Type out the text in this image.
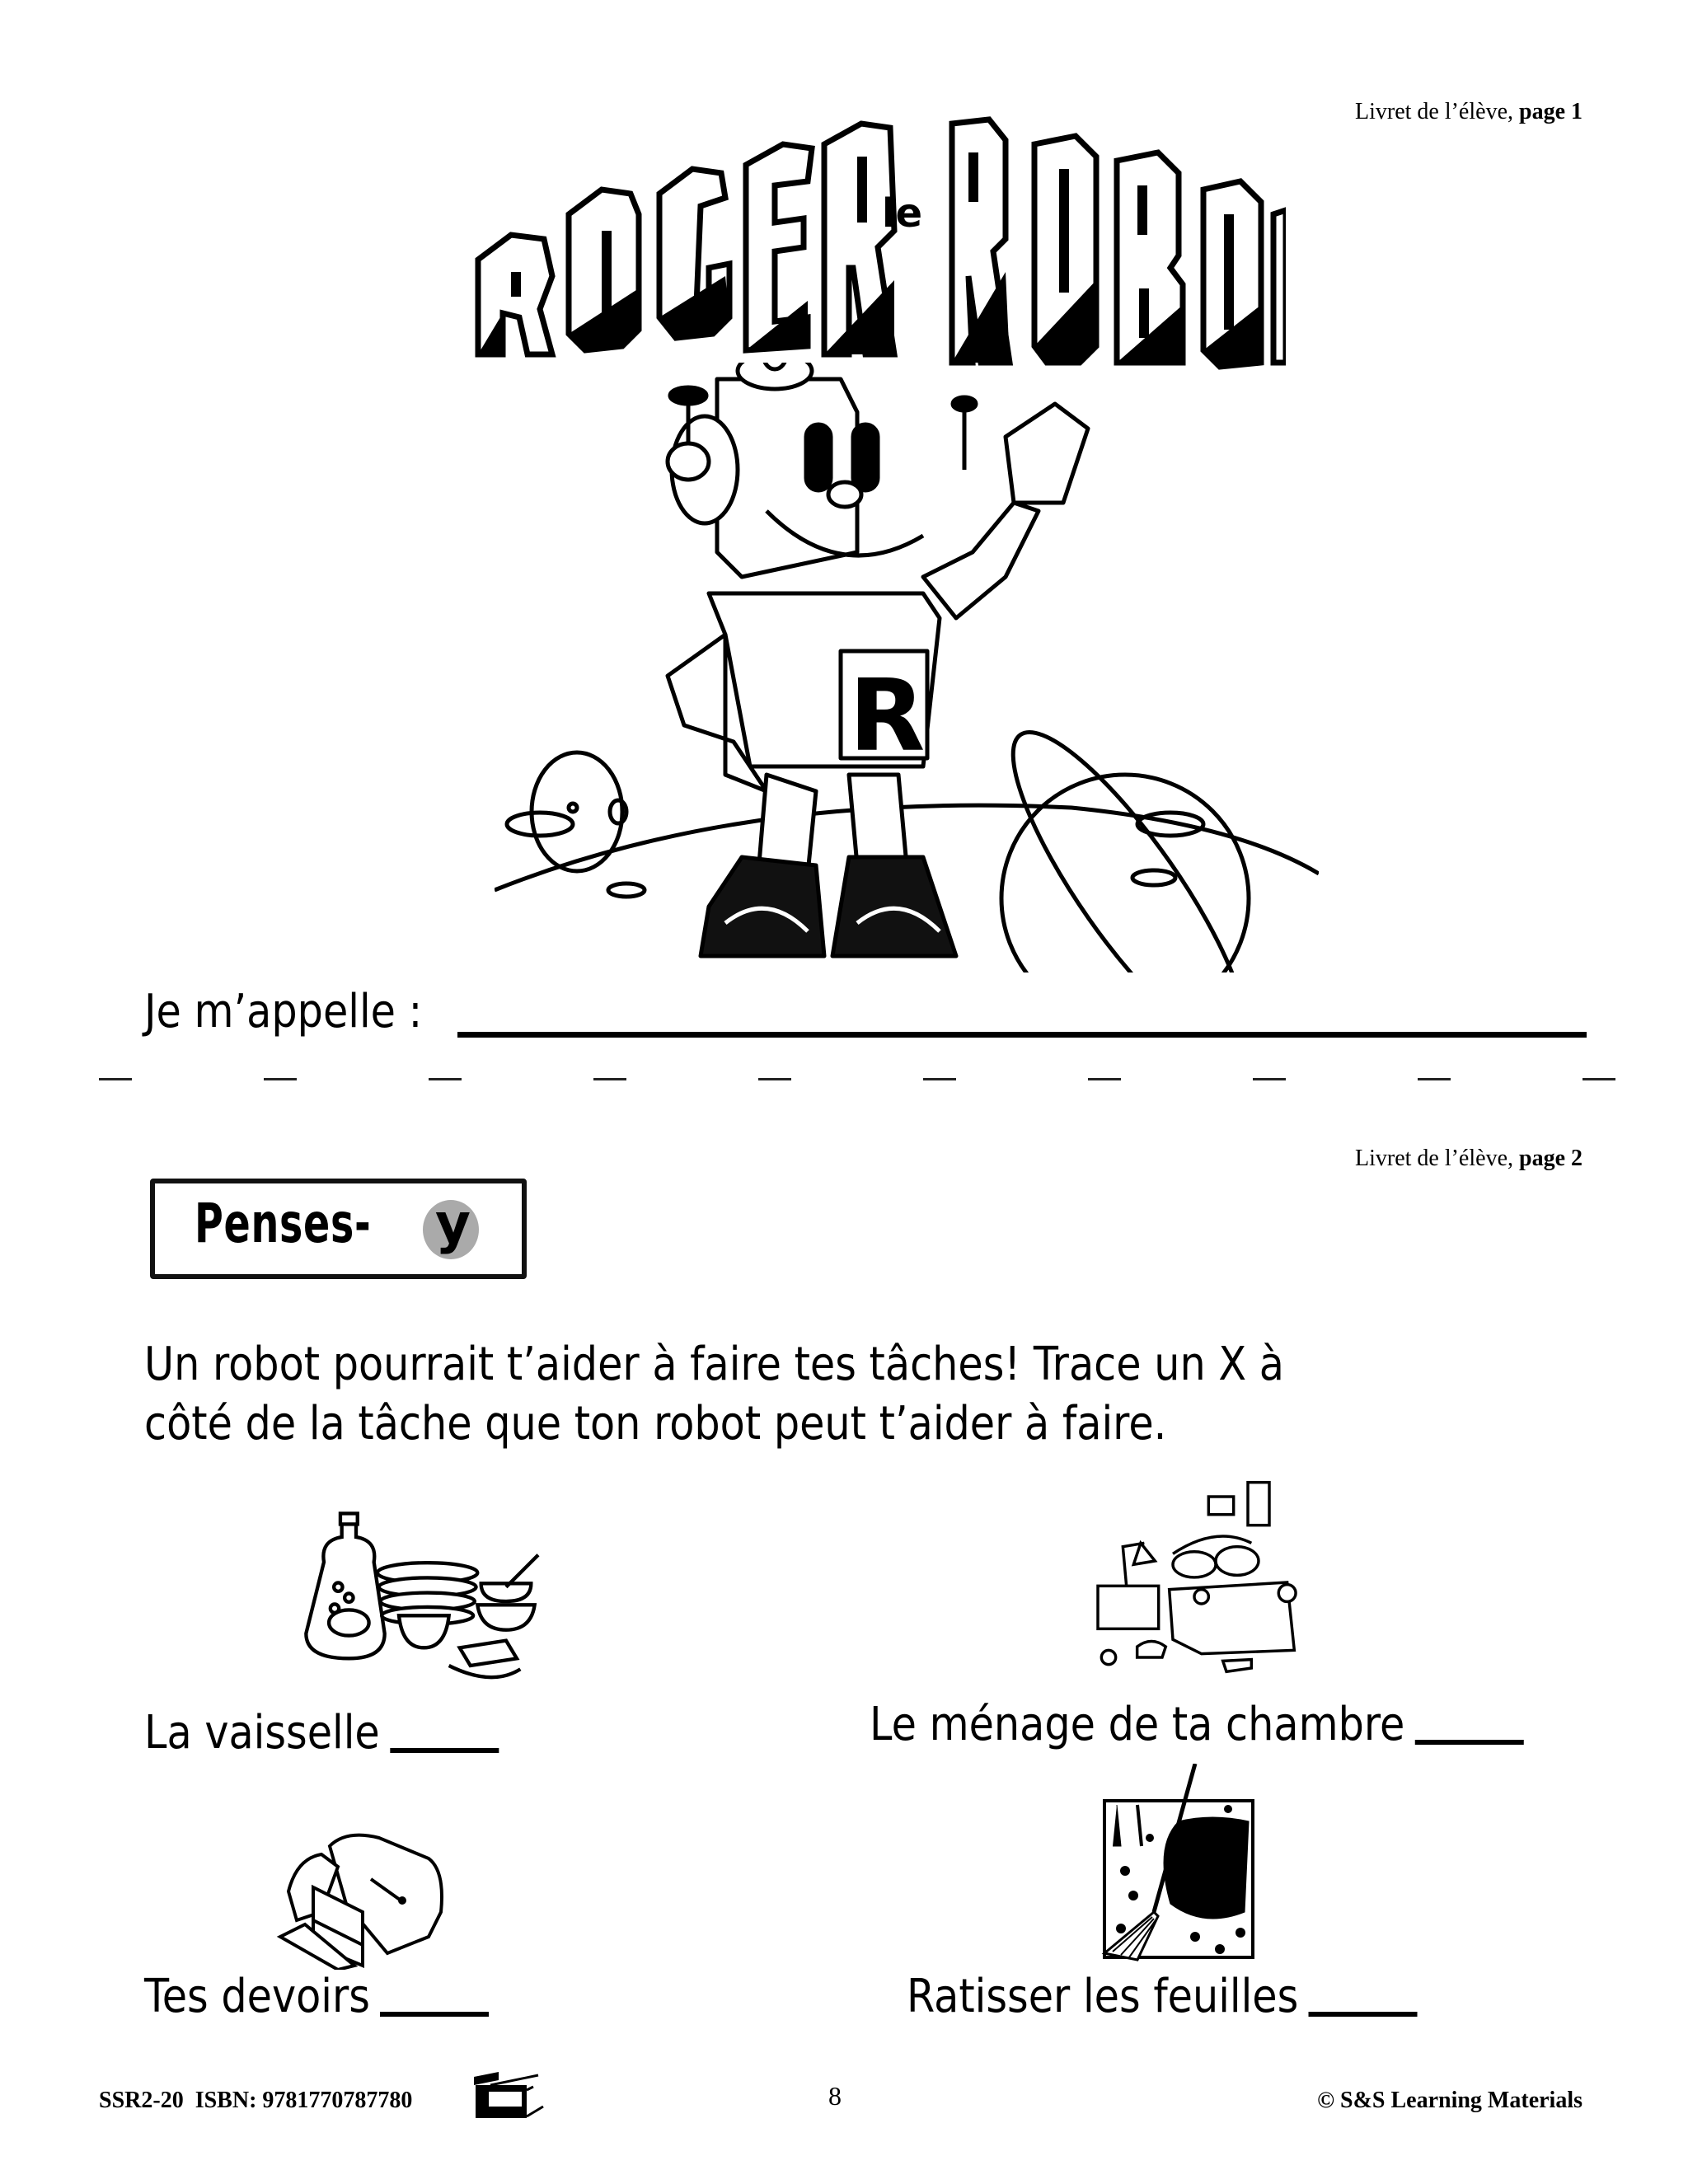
Livret de l’élève, page 1
le
R
Je m’appelle :
Livret de l’élève, page 2
Penses- y
Un robot pourrait t’aider à faire tes tâches! Trace un X à
côté de la tâche que ton robot peut t’aider à faire.
La vaisselle	Le ménage de ta chambre
Tes devoirs	Ratisser les feuilles
SSR2-20 ISBN: 9781770787780	8	© S&S Learning Materials
